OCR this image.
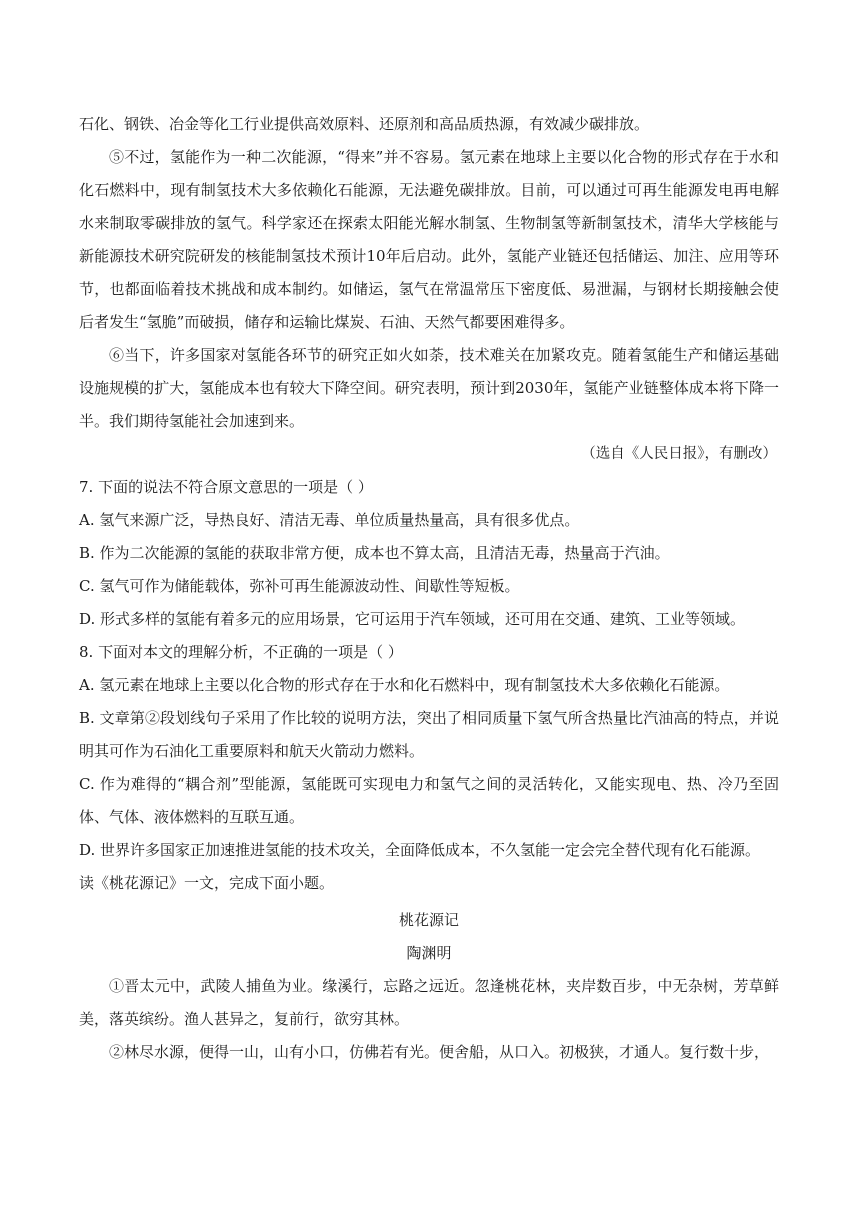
石化、钢铁、冶金等化工行业提供高效原料、还原剂和高品质热源，有效减少碳排放。

⑤不过，氢能作为一种二次能源，“得来”并不容易。氢元素在地球上主要以化合物的形式存在于水和化石燃料中，现有制氢技术大多依赖化石能源，无法避免碳排放。目前，可以通过可再生能源发电再电解水来制取零碳排放的氢气。科学家还在探索太阳能光解水制氢、生物制氢等新制氢技术，清华大学核能与新能源技术研究院研发的核能制氢技术预计10年后启动。此外，氢能产业链还包括储运、加注、应用等环节，也都面临着技术挑战和成本制约。如储运，氢气在常温常压下密度低、易泄漏，与钢材长期接触会使后者发生“氢脆”而破损，储存和运输比煤炭、石油、天然气都要困难得多。

⑥当下，许多国家对氢能各环节的研究正如火如荼，技术难关在加紧攻克。随着氢能生产和储运基础设施规模的扩大，氢能成本也有较大下降空间。研究表明，预计到2030年，氢能产业链整体成本将下降一半。我们期待氢能社会加速到来。

（选自《人民日报》，有删改）

7. 下面的说法不符合原文意思的一项是（ ）

A. 氢气来源广泛，导热良好、清洁无毒、单位质量热量高，具有很多优点。

B. 作为二次能源的氢能的获取非常方便，成本也不算太高，且清洁无毒，热量高于汽油。

C. 氢气可作为储能载体，弥补可再生能源波动性、间歇性等短板。

D. 形式多样的氢能有着多元的应用场景，它可运用于汽车领域，还可用在交通、建筑、工业等领域。

8. 下面对本文的理解分析，不正确的一项是（ ）

A. 氢元素在地球上主要以化合物的形式存在于水和化石燃料中，现有制氢技术大多依赖化石能源。

B. 文章第②段划线句子采用了作比较的说明方法，突出了相同质量下氢气所含热量比汽油高的特点，并说明其可作为石油化工重要原料和航天火箭动力燃料。

C. 作为难得的“耦合剂”型能源，氢能既可实现电力和氢气之间的灵活转化，又能实现电、热、冷乃至固体、气体、液体燃料的互联互通。

D. 世界许多国家正加速推进氢能的技术攻关，全面降低成本，不久氢能一定会完全替代现有化石能源。

读《桃花源记》一文，完成下面小题。

桃花源记

陶渊明

①晋太元中，武陵人捕鱼为业。缘溪行，忘路之远近。忽逢桃花林，夹岸数百步，中无杂树，芳草鲜美，落英缤纷。渔人甚异之，复前行，欲穷其林。

②林尽水源，便得一山，山有小口，仿佛若有光。便舍船，从口入。初极狭，才通人。复行数十步，
